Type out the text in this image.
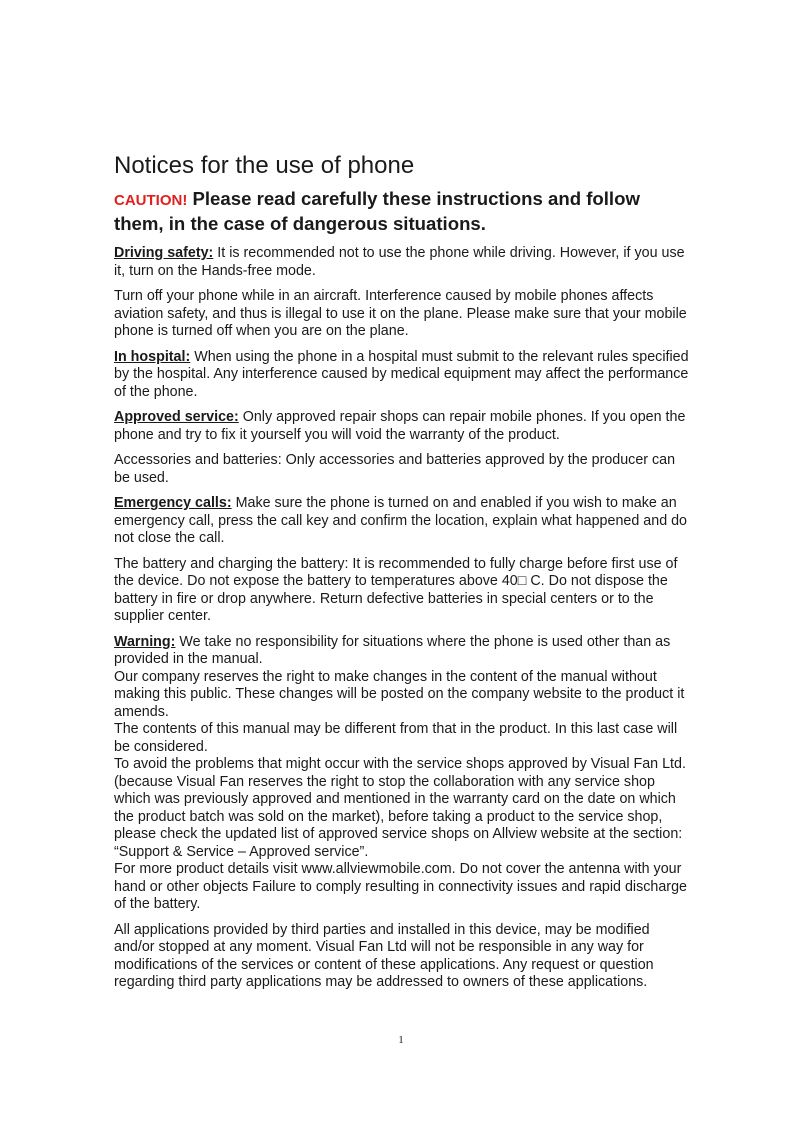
Notices for the use of phone
CAUTION! Please read carefully these instructions and follow them, in the case of dangerous situations.

Driving safety: It is recommended not to use the phone while driving. However, if you use it, turn on the Hands-free mode.

Turn off your phone while in an aircraft. Interference caused by mobile phones affects aviation safety, and thus is illegal to use it on the plane. Please make sure that your mobile phone is turned off when you are on the plane.

In hospital: When using the phone in a hospital must submit to the relevant rules specified by the hospital. Any interference caused by medical equipment may affect the performance of the phone.

Approved service: Only approved repair shops can repair mobile phones. If you open the phone and try to fix it yourself you will void the warranty of the product.

Accessories and batteries: Only accessories and batteries approved by the producer can be used.

Emergency calls: Make sure the phone is turned on and enabled if you wish to make an emergency call, press the call key and confirm the location, explain what happened and do not close the call.

The battery and charging the battery: It is recommended to fully charge before first use of the device. Do not expose the battery to temperatures above 40□ C. Do not dispose the battery in fire or drop anywhere. Return defective batteries in special centers or to the supplier center.

Warning: We take no responsibility for situations where the phone is used other than as provided in the manual.

Our company reserves the right to make changes in the content of the manual without making this public. These changes will be posted on the company website to the product it amends.

The contents of this manual may be different from that in the product. In this last case will be considered.

To avoid the problems that might occur with the service shops approved by Visual Fan Ltd. (because Visual Fan reserves the right to stop the collaboration with any service shop which was previously approved and mentioned in the warranty card on the date on which the product batch was sold on the market), before taking a product to the service shop, please check the updated list of approved service shops on Allview website at the section: “Support & Service – Approved service”.

For more product details visit www.allviewmobile.com. Do not cover the antenna with your hand or other objects Failure to comply resulting in connectivity issues and rapid discharge of the battery.

All applications provided by third parties and installed in this device, may be modified and/or stopped at any moment. Visual Fan Ltd will not be responsible in any way for modifications of the services or content of these applications. Any request or question regarding third party applications may be addressed to owners of these applications.

1
